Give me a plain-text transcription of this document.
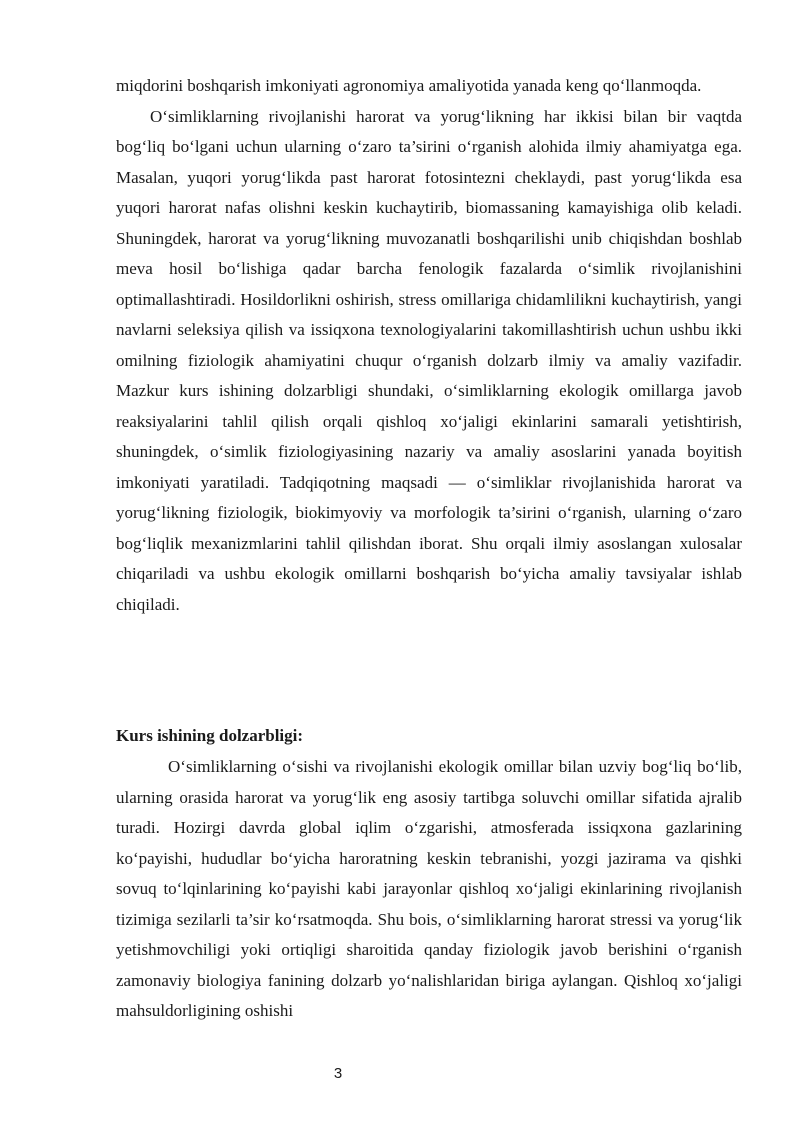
miqdorini boshqarish imkoniyati agronomiya amaliyotida yanada keng qo‘llanmoqda.

O‘simliklarning rivojlanishi harorat va yorug‘likning har ikkisi bilan bir vaqtda bog‘liq bo‘lgani uchun ularning o‘zaro ta’sirini o‘rganish alohida ilmiy ahamiyatga ega. Masalan, yuqori yorug‘likda past harorat fotosintezni cheklaydi, past yorug‘likda esa yuqori harorat nafas olishni keskin kuchaytirib, biomassaning kamayishiga olib keladi. Shuningdek, harorat va yorug‘likning muvozanatli boshqarilishi unib chiqishdan boshlab meva hosil bo‘lishiga qadar barcha fenologik fazalarda o‘simlik rivojlanishini optimallashtiradi. Hosildorlikni oshirish, stress omillariga chidamlilikni kuchaytirish, yangi navlarni seleksiya qilish va issiqxona texnologiyalarini takomillashtirish uchun ushbu ikki omilning fiziologik ahamiyatini chuqur o‘rganish dolzarb ilmiy va amaliy vazifadir. Mazkur kurs ishining dolzarbligi shundaki, o‘simliklarning ekologik omillarga javob reaksiyalarini tahlil qilish orqali qishloq xo‘jaligi ekinlarini samarali yetishtirish, shuningdek, o‘simlik fiziologiyasining nazariy va amaliy asoslarini yanada boyitish imkoniyati yaratiladi. Tadqiqotning maqsadi — o‘simliklar rivojlanishida harorat va yorug‘likning fiziologik, biokimyoviy va morfologik ta’sirini o‘rganish, ularning o‘zaro bog‘liqlik mexanizmlarini tahlil qilishdan iborat. Shu orqali ilmiy asoslangan xulosalar chiqariladi va ushbu ekologik omillarni boshqarish bo‘yicha amaliy tavsiyalar ishlab chiqiladi.

Kurs ishining dolzarbligi:

O‘simliklarning o‘sishi va rivojlanishi ekologik omillar bilan uzviy bog‘liq bo‘lib, ularning orasida harorat va yorug‘lik eng asosiy tartibga soluvchi omillar sifatida ajralib turadi. Hozirgi davrda global iqlim o‘zgarishi, atmosferada issiqxona gazlarining ko‘payishi, hududlar bo‘yicha haroratning keskin tebranishi, yozgi jazirama va qishki sovuq to‘lqinlarining ko‘payishi kabi jarayonlar qishloq xo‘jaligi ekinlarining rivojlanish tizimiga sezilarli ta’sir ko‘rsatmoqda. Shu bois, o‘simliklarning harorat stressi va yorug‘lik yetishmovchiligi yoki ortiqligi sharoitida qanday fiziologik javob berishini o‘rganish zamonaviy biologiya fanining dolzarb yo‘nalishlaridan biriga aylangan. Qishloq xo‘jaligi mahsuldorligining oshishi

3
